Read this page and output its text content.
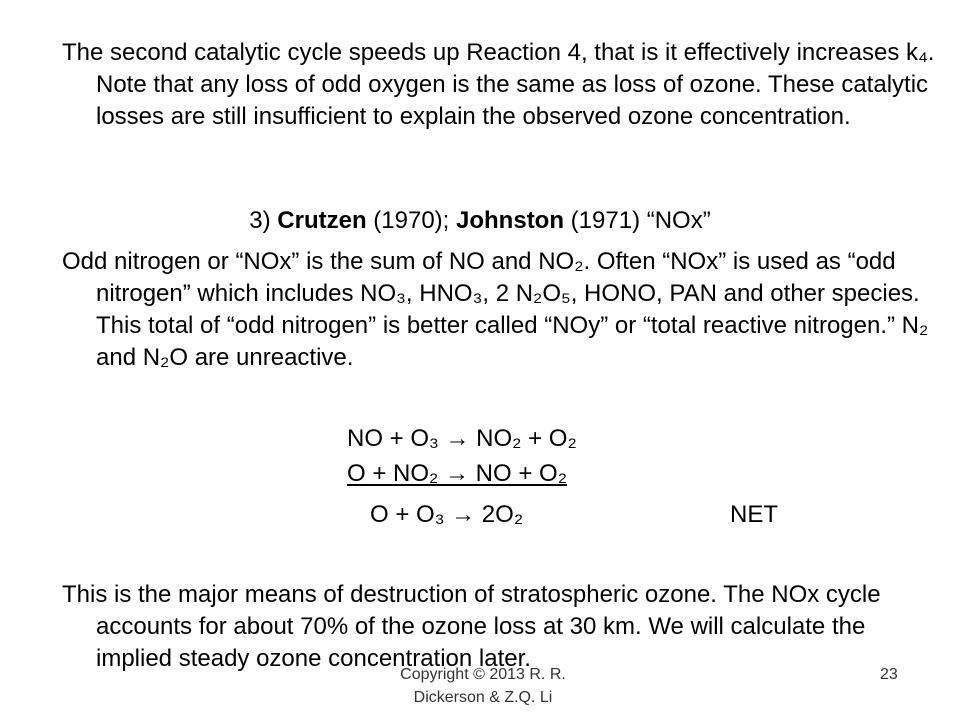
The second catalytic cycle speeds up Reaction 4, that is it effectively increases k₄. Note that any loss of odd oxygen is the same as loss of ozone. These catalytic losses are still insufficient to explain the observed ozone concentration.

3) Crutzen (1970); Johnston (1971) “NOx”

Odd nitrogen or “NOx” is the sum of NO and NO₂. Often “NOx” is used as “odd nitrogen” which includes NO₃, HNO₃, 2 N₂O₅, HONO, PAN and other species. This total of “odd nitrogen” is better called “NOy” or “total reactive nitrogen.” N₂ and N₂O are unreactive.

NO + O₃ → NO₂ + O₂
O + NO₂ → NO + O₂
O + O₃ → 2O₂	NET

This is the major means of destruction of stratospheric ozone. The NOx cycle accounts for about 70% of the ozone loss at 30 km. We will calculate the implied steady ozone concentration later.

Copyright © 2013 R. R.
Dickerson & Z.Q. Li
23
